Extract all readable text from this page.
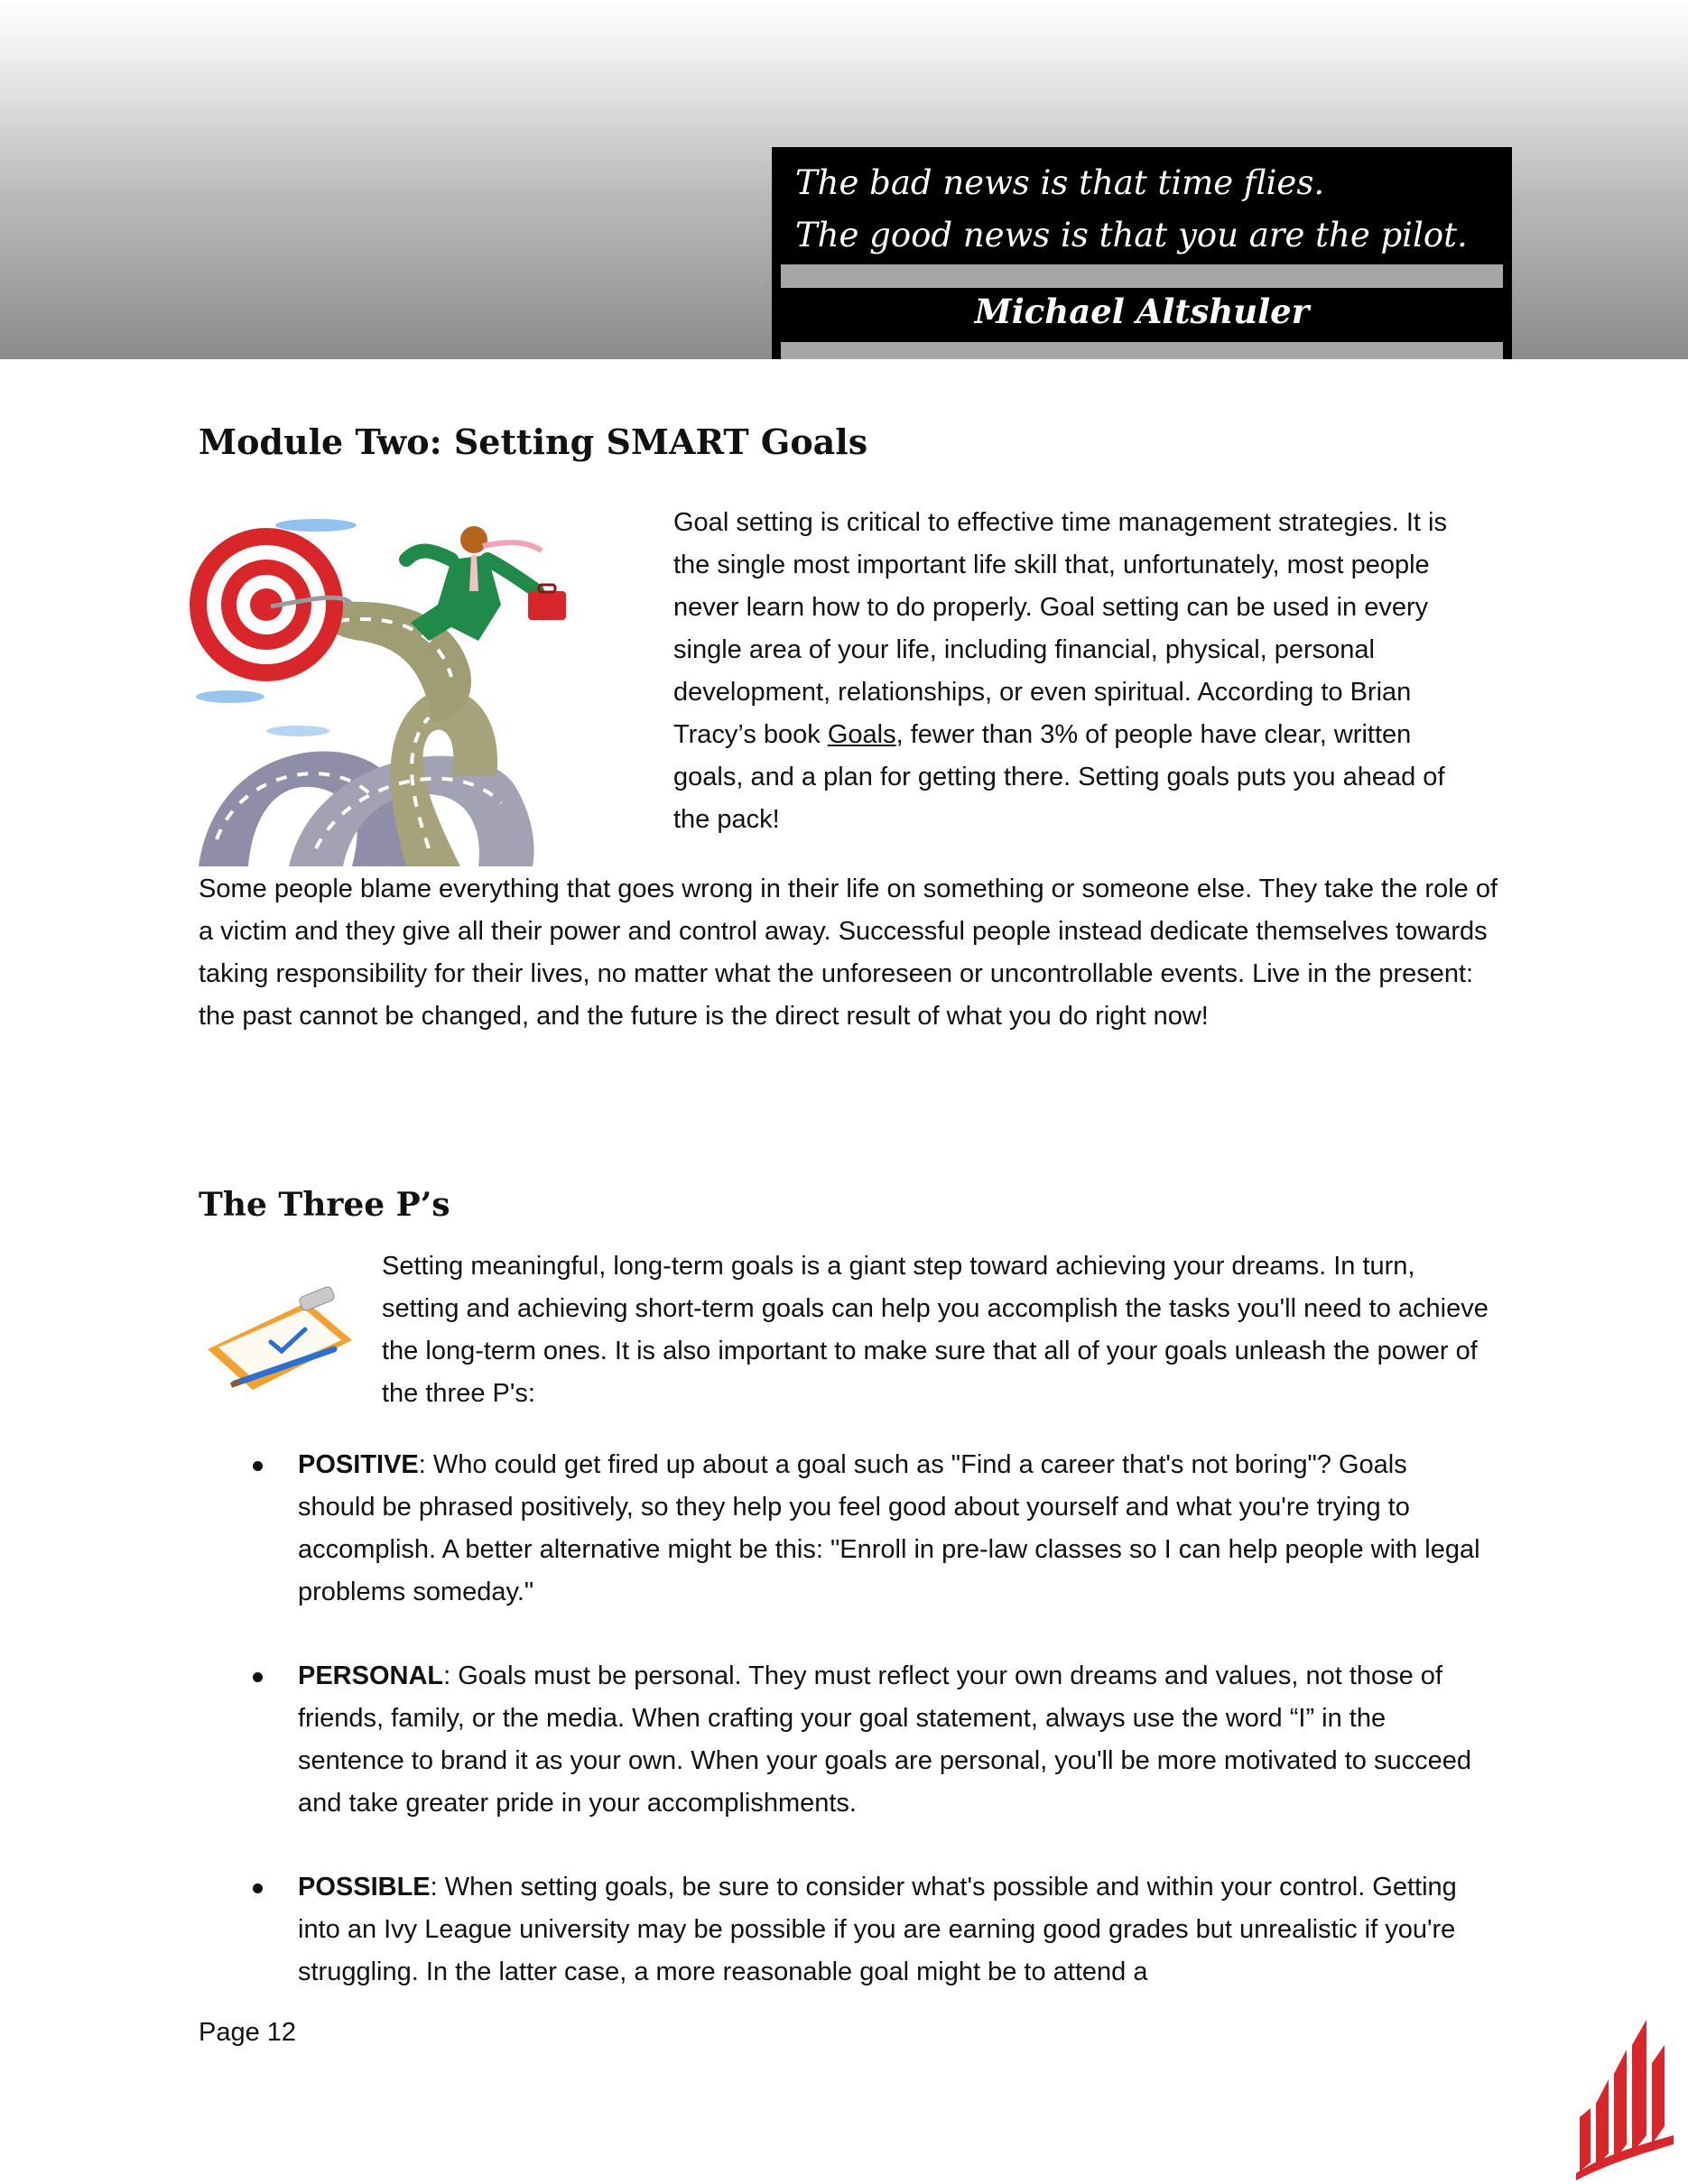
The bad news is that time flies.
The good news is that you are the pilot.
Michael Altshuler
Module Two: Setting SMART Goals

Goal setting is critical to effective time management strategies. It is the single most important life skill that, unfortunately, most people never learn how to do properly. Goal setting can be used in every single area of your life, including financial, physical, personal development, relationships, or even spiritual. According to Brian Tracy’s book Goals, fewer than 3% of people have clear, written goals, and a plan for getting there. Setting goals puts you ahead of the pack!

Some people blame everything that goes wrong in their life on something or someone else. They take the role of a victim and they give all their power and control away. Successful people instead dedicate themselves towards taking responsibility for their lives, no matter what the unforeseen or uncontrollable events. Live in the present: the past cannot be changed, and the future is the direct result of what you do right now!

The Three P’s

Setting meaningful, long-term goals is a giant step toward achieving your dreams. In turn, setting and achieving short-term goals can help you accomplish the tasks you'll need to achieve the long-term ones. It is also important to make sure that all of your goals unleash the power of the three P's:

POSITIVE: Who could get fired up about a goal such as "Find a career that's not boring"? Goals should be phrased positively, so they help you feel good about yourself and what you're trying to accomplish. A better alternative might be this: "Enroll in pre-law classes so I can help people with legal problems someday."
PERSONAL: Goals must be personal. They must reflect your own dreams and values, not those of friends, family, or the media. When crafting your goal statement, always use the word “I” in the sentence to brand it as your own. When your goals are personal, you'll be more motivated to succeed and take greater pride in your accomplishments.
POSSIBLE: When setting goals, be sure to consider what's possible and within your control. Getting into an Ivy League university may be possible if you are earning good grades but unrealistic if you're struggling. In the latter case, a more reasonable goal might be to attend a
Page 12
